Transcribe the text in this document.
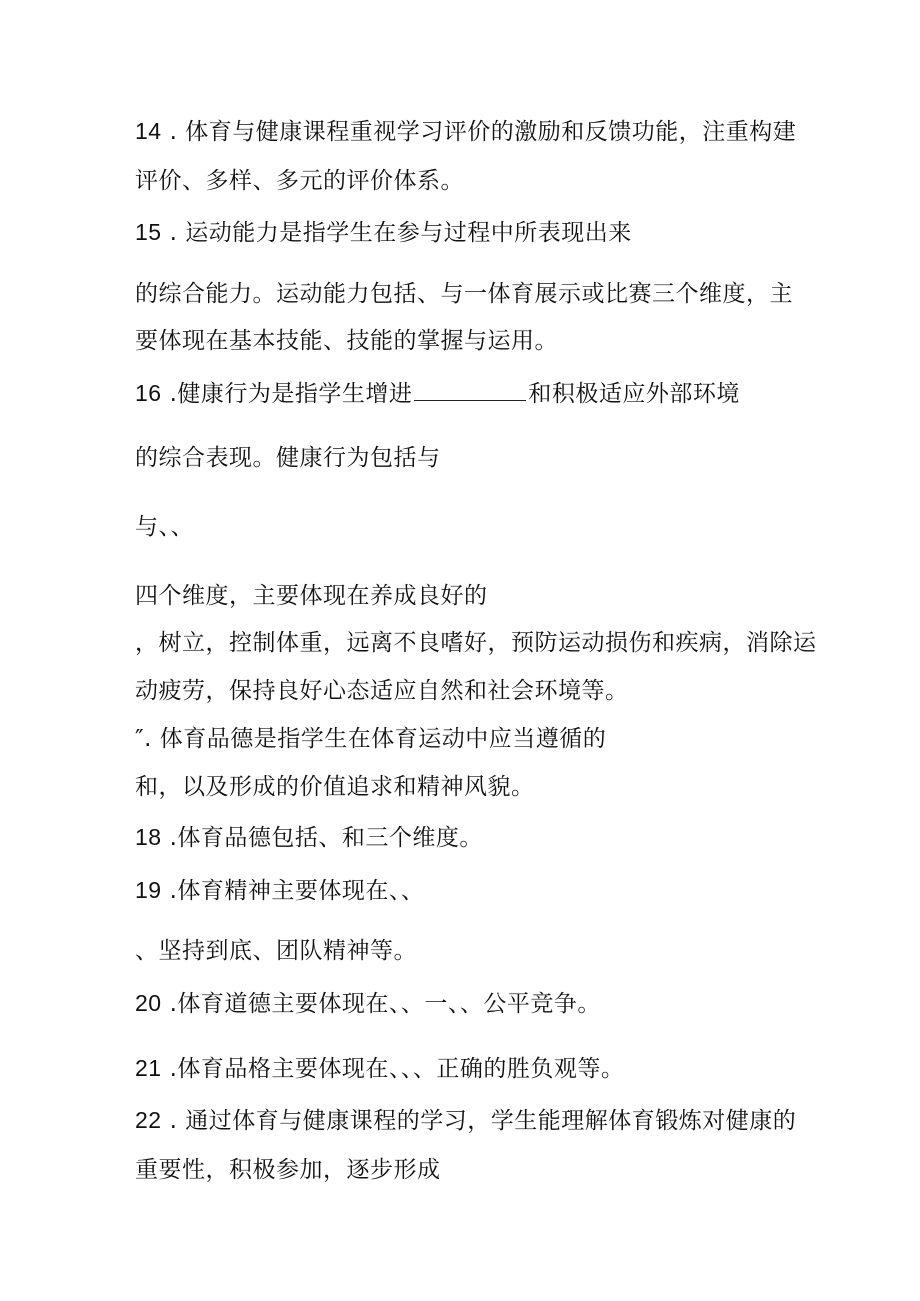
14 . 体育与健康课程重视学习评价的激励和反馈功能，注重构建
评价、多样、多元的评价体系。
15 . 运动能力是指学生在参与过程中所表现出来
的综合能力。运动能力包括、与一体育展示或比赛三个维度，主
要体现在基本技能、技能的掌握与运用。
16 .健康行为是指学生增进	和积极适应外部环境
的综合表现。健康行为包括与
与、、
四个维度，主要体现在养成良好的
，树立，控制体重，远离不良嗜好，预防运动损伤和疾病，消除运
动疲劳，保持良好心态适应自然和社会环境等。
″. 体育品德是指学生在体育运动中应当遵循的
和，以及形成的价值追求和精神风貌。
18 .体育品德包括、和三个维度。
19 .体育精神主要体现在、、
、坚持到底、团队精神等。
20 .体育道德主要体现在、、一、、公平竞争。
21 .体育品格主要体现在、、、正确的胜负观等。
22 . 通过体育与健康课程的学习，学生能理解体育锻炼对健康的
重要性，积极参加，逐步形成
